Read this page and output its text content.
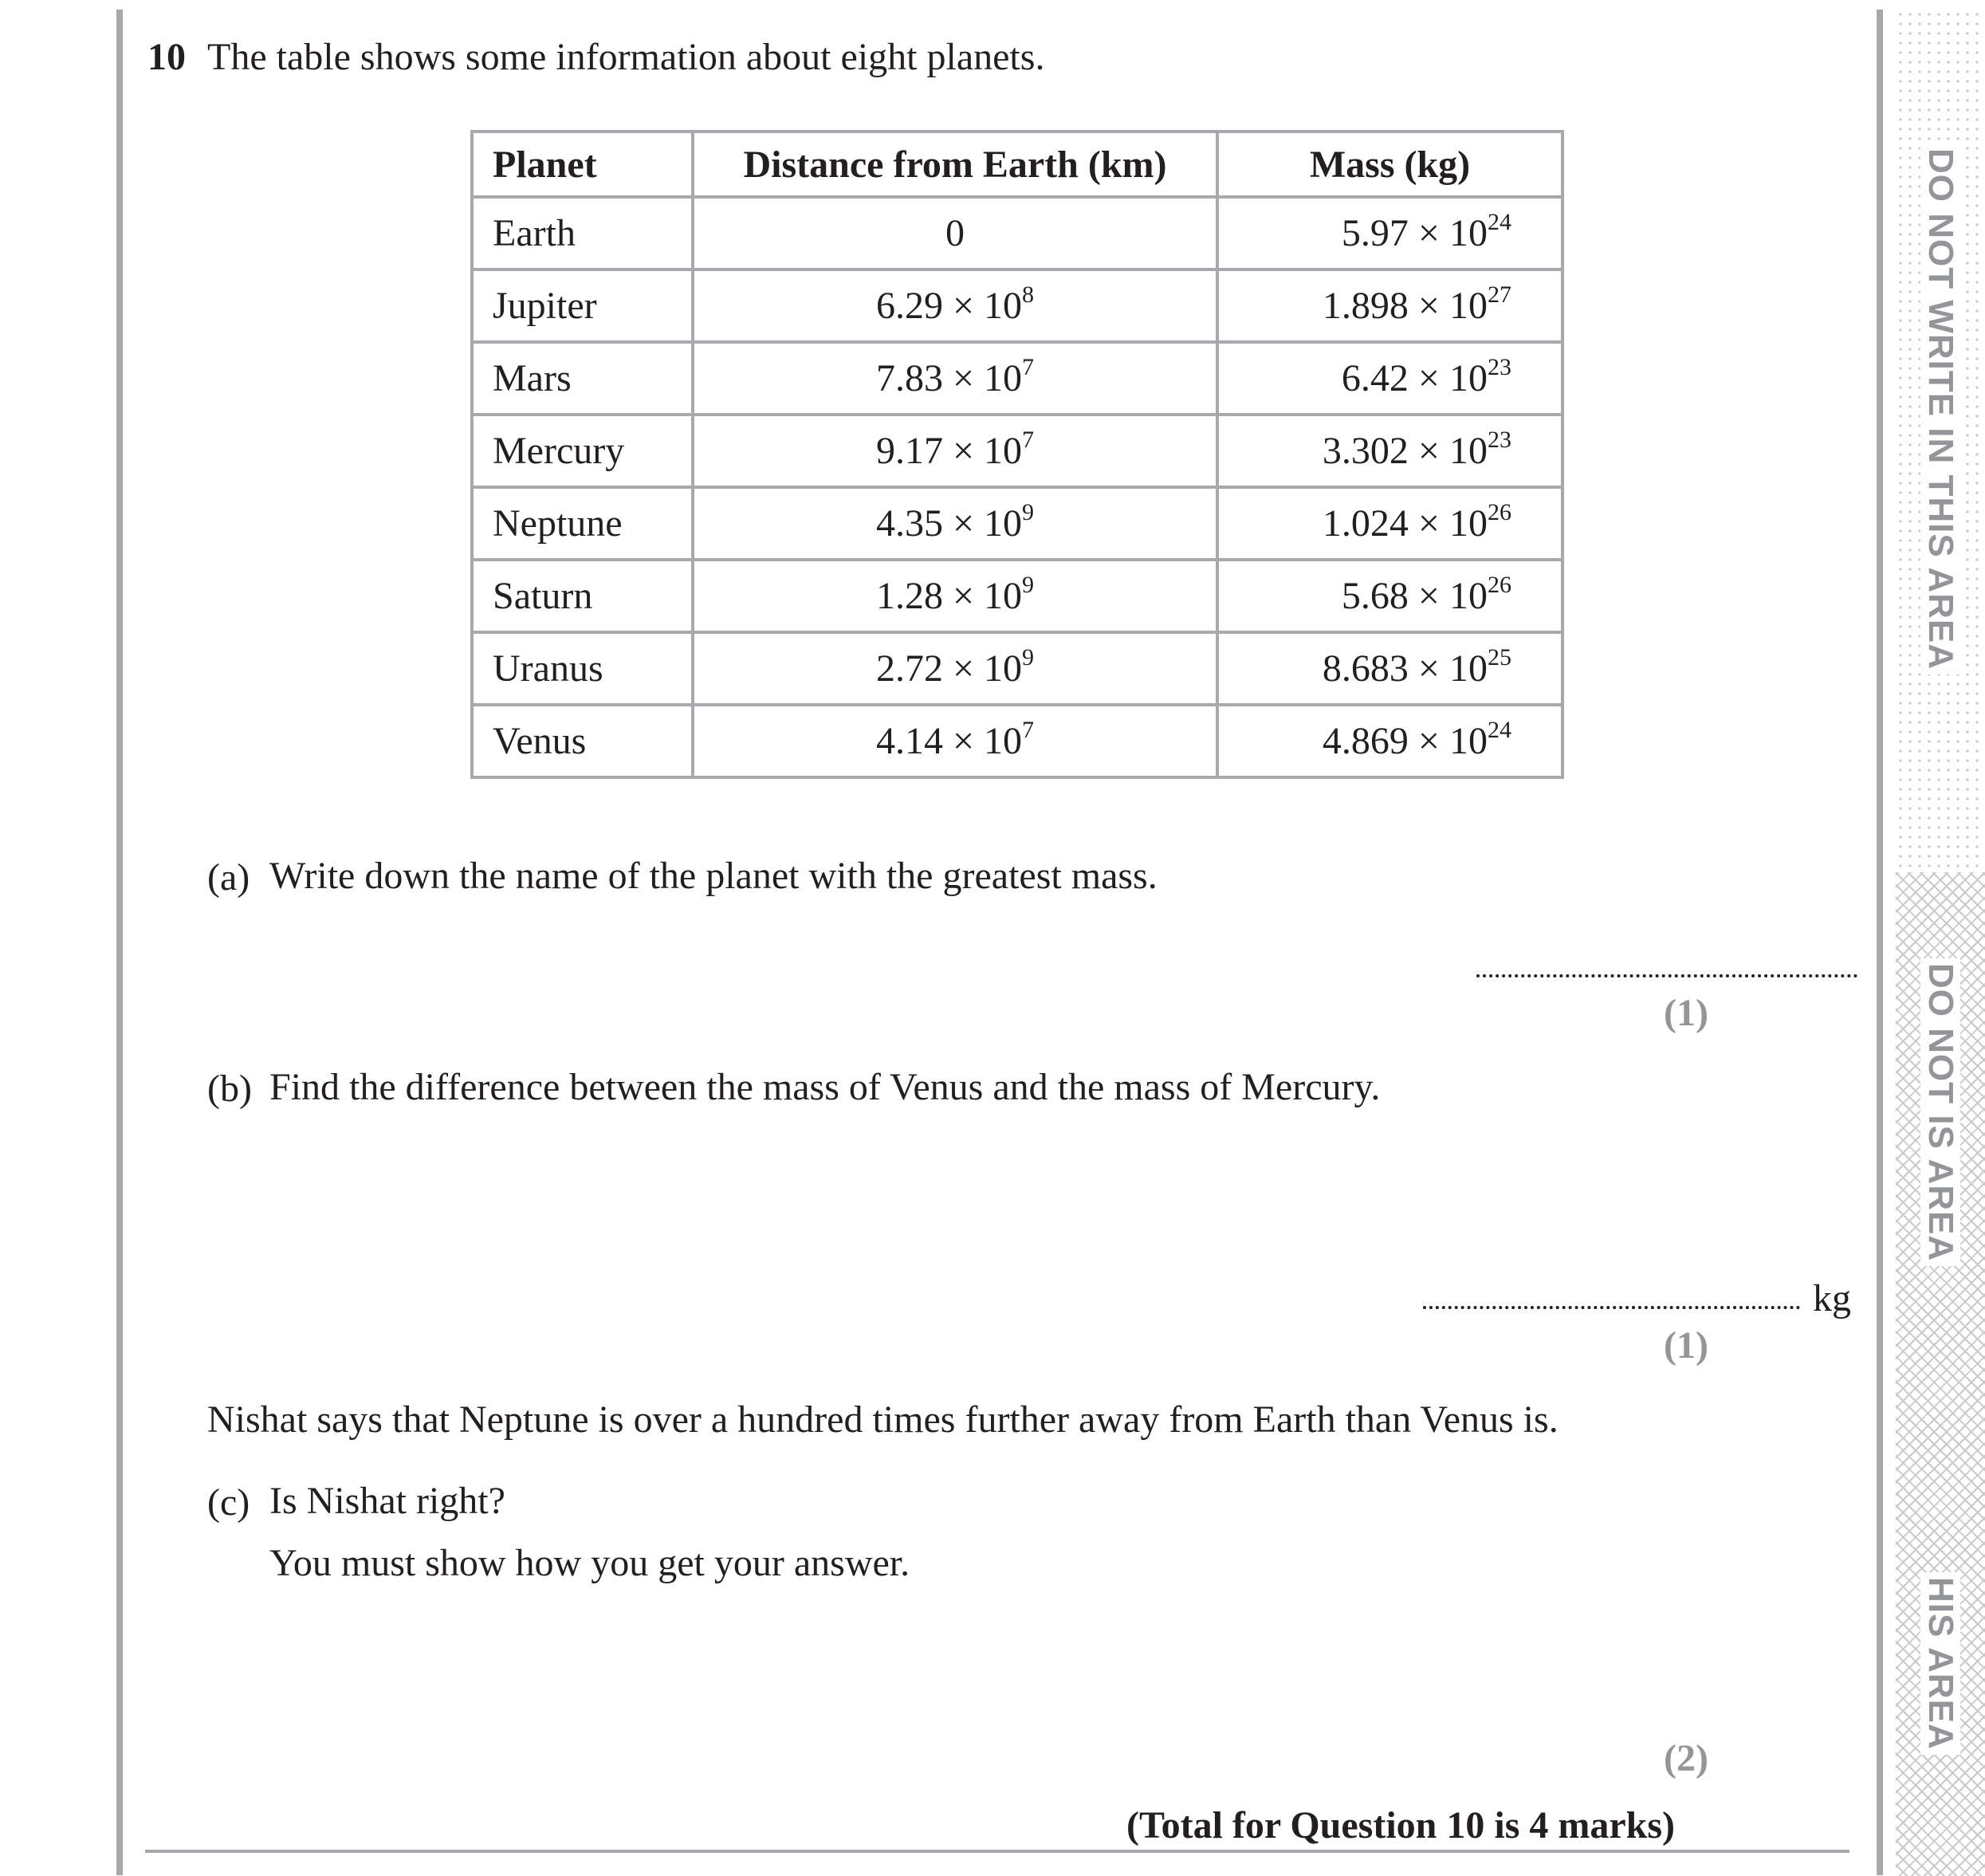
DO NOT WRITE IN THIS AREA
DO NOT IS AREA
HIS AREA
10 The table shows some information about eight planets.
Planet	Distance from Earth (km)	Mass (kg)
Earth	0	$5.97 \times 10^{24}$
Jupiter	$6.29 \times 10^8$	$1.898 \times 10^{27}$
Mars	$7.83 \times 10^7$	$6.42 \times 10^{23}$
Mercury	$9.17 \times 10^7$	$3.302 \times 10^{23}$
Neptune	$4.35 \times 10^9$	$1.024 \times 10^{26}$
Saturn	$1.28 \times 10^9$	$5.68 \times 10^{26}$
Uranus	$2.72 \times 10^9$	$8.683 \times 10^{25}$
Venus	$4.14 \times 10^7$	$4.869 \times 10^{24}$
(a) Write down the name of the planet with the greatest mass.
(1)
(b) Find the difference between the mass of Venus and the mass of Mercury.
kg
(1)
Nishat says that Neptune is over a hundred times further away from Earth than Venus is.
(c) Is Nishat right?
You must show how you get your answer.
(2)
(Total for Question 10 is 4 marks)
